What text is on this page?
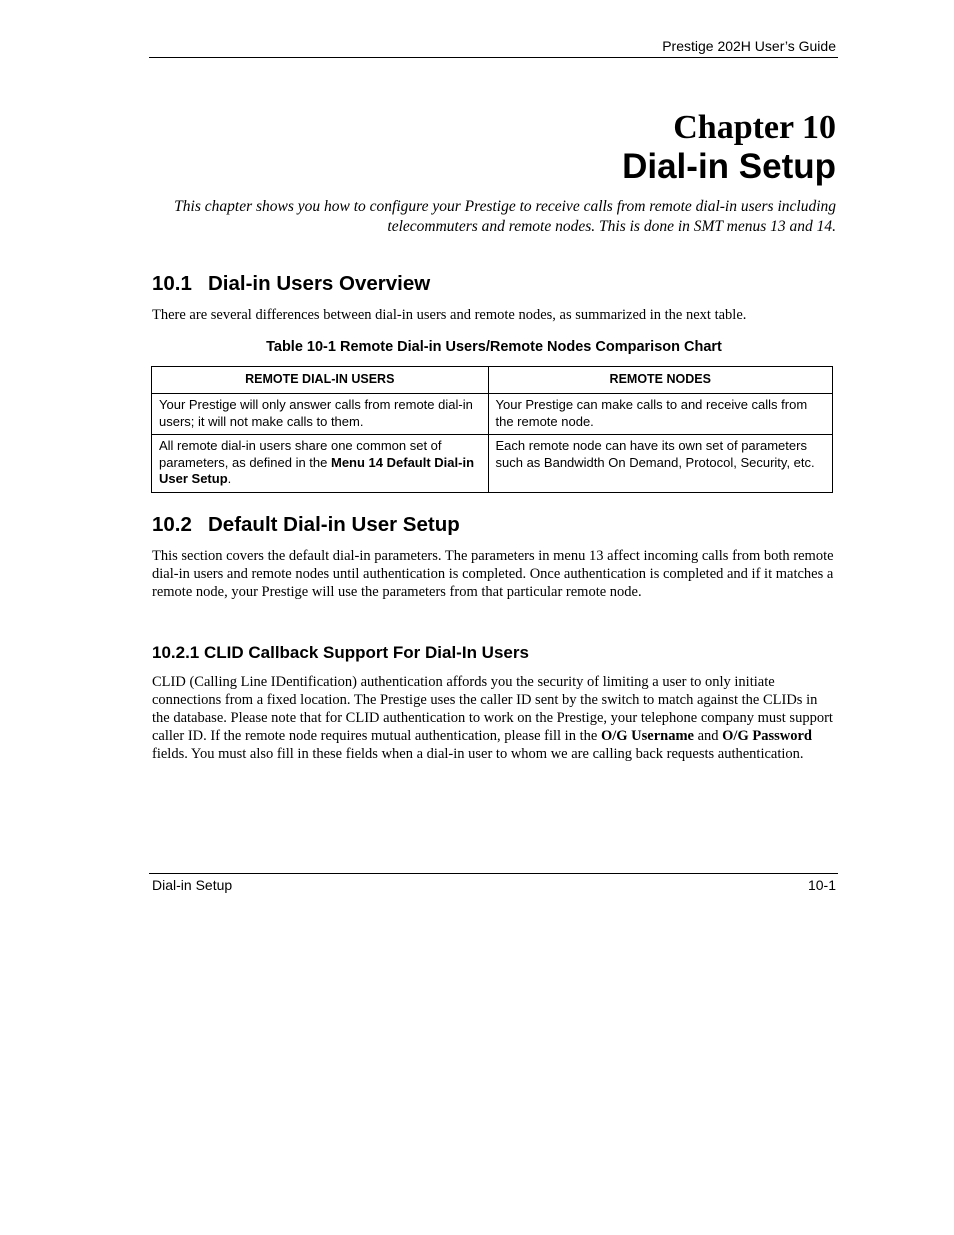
Prestige 202H User’s Guide
Chapter 10
Dial-in Setup
This chapter shows you how to configure your Prestige to receive calls from remote dial-in users including telecommuters and remote nodes. This is done in SMT menus 13 and 14.
10.1 Dial-in Users Overview

There are several differences between dial-in users and remote nodes, as summarized in the next table.

Table 10-1 Remote Dial-in Users/Remote Nodes Comparison Chart
REMOTE DIAL-IN USERS	REMOTE NODES
Your Prestige will only answer calls from remote dial-in users; it will not make calls to them.	Your Prestige can make calls to and receive calls from the remote node.
All remote dial-in users share one common set of parameters, as defined in the Menu 14 Default Dial-in User Setup.	Each remote node can have its own set of parameters such as Bandwidth On Demand, Protocol, Security, etc.
10.2 Default Dial-in User Setup

This section covers the default dial-in parameters. The parameters in menu 13 affect incoming calls from both remote dial-in users and remote nodes until authentication is completed. Once authentication is completed and if it matches a remote node, your Prestige will use the parameters from that particular remote node.

10.2.1 CLID Callback Support For Dial-In Users

CLID (Calling Line IDentification) authentication affords you the security of limiting a user to only initiate connections from a fixed location. The Prestige uses the caller ID sent by the switch to match against the CLIDs in the database. Please note that for CLID authentication to work on the Prestige, your telephone company must support caller ID. If the remote node requires mutual authentication, please fill in the O/G Username and O/G Password fields. You must also fill in these fields when a dial-in user to whom we are calling back requests authentication.

Dial-in Setup	10-1
